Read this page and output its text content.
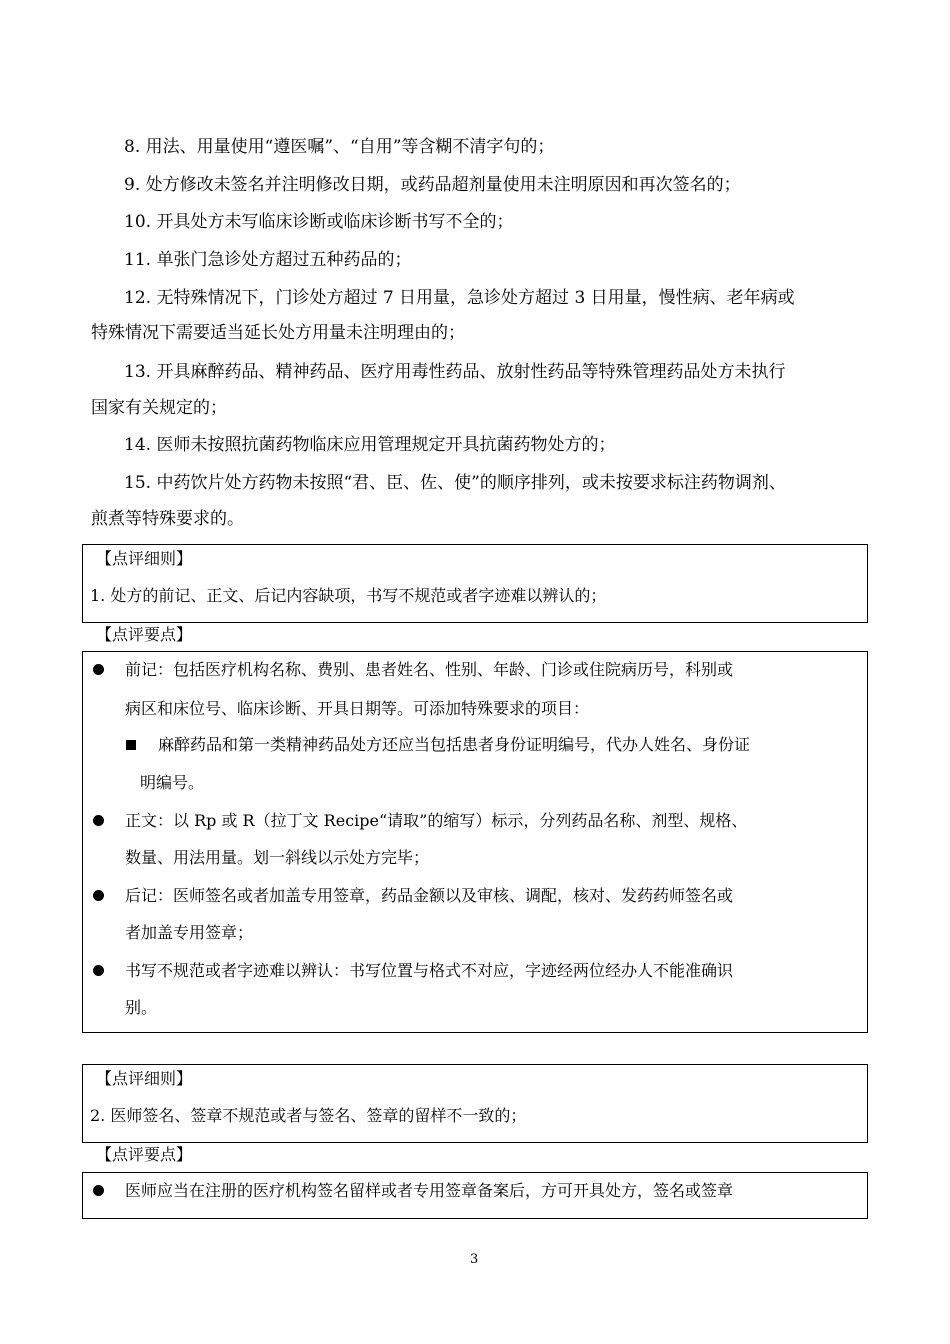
8. 用法、用量使用“遵医嘱”、“自用”等含糊不清字句的；
9. 处方修改未签名并注明修改日期，或药品超剂量使用未注明原因和再次签名的；
10. 开具处方未写临床诊断或临床诊断书写不全的；
11. 单张门急诊处方超过五种药品的；
12. 无特殊情况下，门诊处方超过 7 日用量，急诊处方超过 3 日用量，慢性病、老年病或
特殊情况下需要适当延长处方用量未注明理由的；
13. 开具麻醉药品、精神药品、医疗用毒性药品、放射性药品等特殊管理药品处方未执行
国家有关规定的；
14. 医师未按照抗菌药物临床应用管理规定开具抗菌药物处方的；
15. 中药饮片处方药物未按照“君、臣、佐、使”的顺序排列，或未按要求标注药物调剂、
煎煮等特殊要求的。
【点评细则】
1. 处方的前记、正文、后记内容缺项，书写不规范或者字迹难以辨认的；
【点评要点】
前记：包括医疗机构名称、费别、患者姓名、性别、年龄、门诊或住院病历号，科别或
病区和床位号、临床诊断、开具日期等。可添加特殊要求的项目：
麻醉药品和第一类精神药品处方还应当包括患者身份证明编号，代办人姓名、身份证
明编号。
正文：以 Rp 或 R（拉丁文 Recipe“请取”的缩写）标示，分列药品名称、剂型、规格、
数量、用法用量。划一斜线以示处方完毕；
后记：医师签名或者加盖专用签章，药品金额以及审核、调配，核对、发药药师签名或
者加盖专用签章；
书写不规范或者字迹难以辨认：书写位置与格式不对应，字迹经两位经办人不能准确识
别。
【点评细则】
2. 医师签名、签章不规范或者与签名、签章的留样不一致的；
【点评要点】
医师应当在注册的医疗机构签名留样或者专用签章备案后，方可开具处方，签名或签章
3
